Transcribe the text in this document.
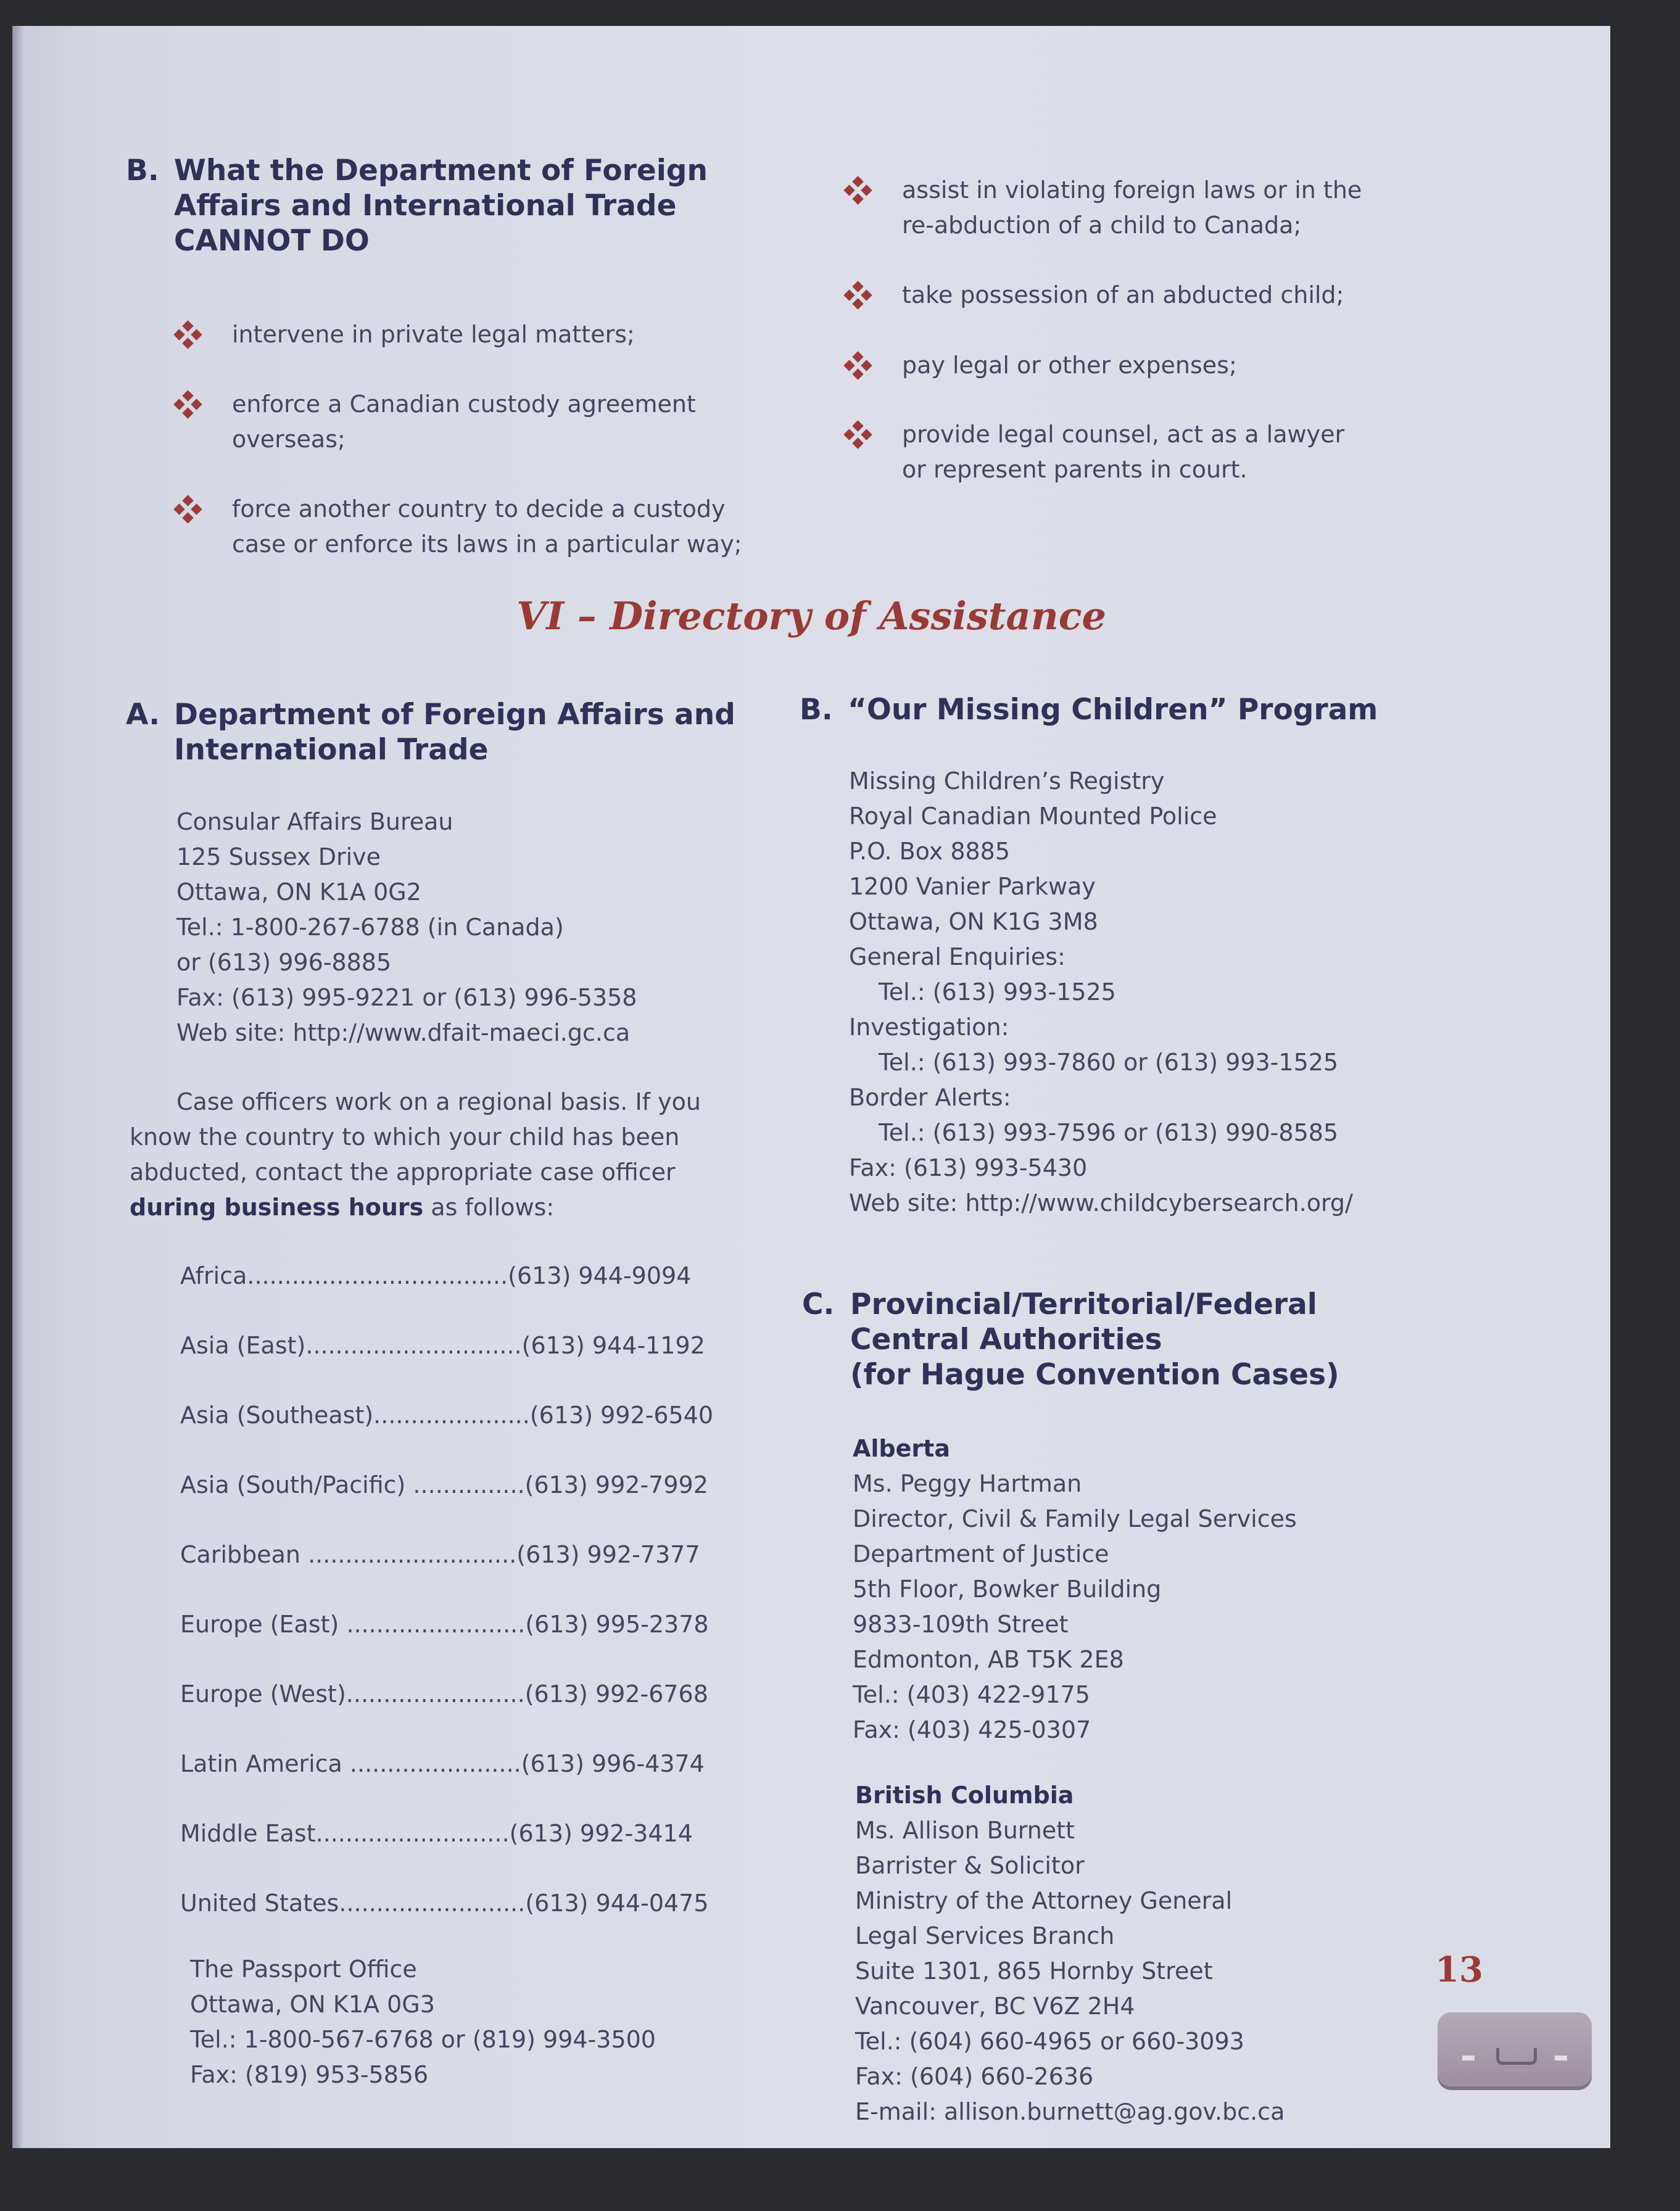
B. What the Department of Foreign
Affairs and International Trade
CANNOT DO
intervene in private legal matters;
enforce a Canadian custody agreement
overseas;
force another country to decide a custody
case or enforce its laws in a particular way;
assist in violating foreign laws or in the
re-abduction of a child to Canada;
take possession of an abducted child;
pay legal or other expenses;
provide legal counsel, act as a lawyer
or represent parents in court.
VI – Directory of Assistance
A. Department of Foreign Affairs and
International Trade
Consular Affairs Bureau
125 Sussex Drive
Ottawa, ON K1A 0G2
Tel.: 1-800-267-6788 (in Canada)
or (613) 996-8885
Fax: (613) 995-9221 or (613) 996-5358
Web site: http://www.dfait-maeci.gc.ca
Case officers work on a regional basis. If you
know the country to which your child has been
abducted, contact the appropriate case officer
during business hours as follows:
Africa...................................(613) 944-9094
Asia (East).............................(613) 944-1192
Asia (Southeast).....................(613) 992-6540
Asia (South/Pacific) ...............(613) 992-7992
Caribbean ............................(613) 992-7377
Europe (East) ........................(613) 995-2378
Europe (West)........................(613) 992-6768
Latin America .......................(613) 996-4374
Middle East..........................(613) 992-3414
United States.........................(613) 944-0475
The Passport Office
Ottawa, ON K1A 0G3
Tel.: 1-800-567-6768 or (819) 994-3500
Fax: (819) 953-5856
B. “Our Missing Children” Program
Missing Children’s Registry
Royal Canadian Mounted Police
P.O. Box 8885
1200 Vanier Parkway
Ottawa, ON K1G 3M8
General Enquiries:
Tel.: (613) 993-1525
Investigation:
Tel.: (613) 993-7860 or (613) 993-1525
Border Alerts:
Tel.: (613) 993-7596 or (613) 990-8585
Fax: (613) 993-5430
Web site: http://www.childcybersearch.org/
C. Provincial/Territorial/Federal
Central Authorities
(for Hague Convention Cases)
Alberta
Ms. Peggy Hartman
Director, Civil & Family Legal Services
Department of Justice
5th Floor, Bowker Building
9833-109th Street
Edmonton, AB T5K 2E8
Tel.: (403) 422-9175
Fax: (403) 425-0307
British Columbia
Ms. Allison Burnett
Barrister & Solicitor
Ministry of the Attorney General
Legal Services Branch
Suite 1301, 865 Hornby Street
Vancouver, BC V6Z 2H4
Tel.: (604) 660-4965 or 660-3093
Fax: (604) 660-2636
E-mail: allison.burnett@ag.gov.bc.ca
13
